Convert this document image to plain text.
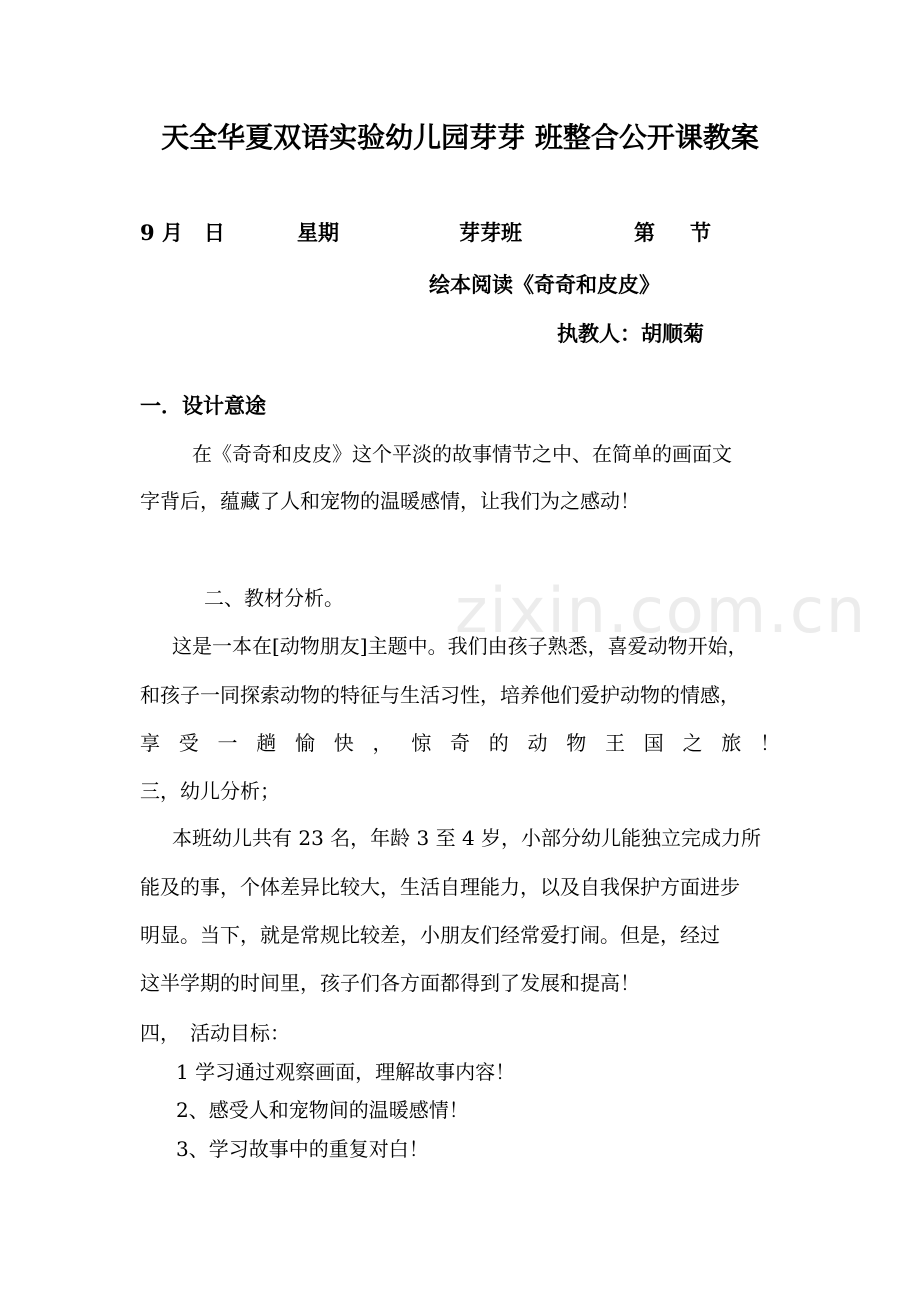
zixin.com.cn
天全华夏双语实验幼儿园芽芽 班整合公开课教案
9 月　日	星期	芽芽班	第 节
绘本阅读《奇奇和皮皮》
执教人：胡顺菊
一．设计意途
在《奇奇和皮皮》这个平淡的故事情节之中、在简单的画面文
字背后，蕴藏了人和宠物的温暖感情，让我们为之感动！
二、教材分析。
这是一本在[动物朋友]主题中。我们由孩子熟悉，喜爱动物开始，
和孩子一同探索动物的特征与生活习性，培养他们爱护动物的情感，
享受一趟愉快，惊奇的动物王国之旅！
三，幼儿分析；
本班幼儿共有 23 名，年龄 3 至 4 岁，小部分幼儿能独立完成力所
能及的事，个体差异比较大，生活自理能力，以及自我保护方面进步
明显。当下，就是常规比较差，小朋友们经常爱打闹。但是，经过
这半学期的时间里，孩子们各方面都得到了发展和提高！
四，　活动目标：
1 学习通过观察画面，理解故事内容！
2、感受人和宠物间的温暖感情！
3、学习故事中的重复对白！
